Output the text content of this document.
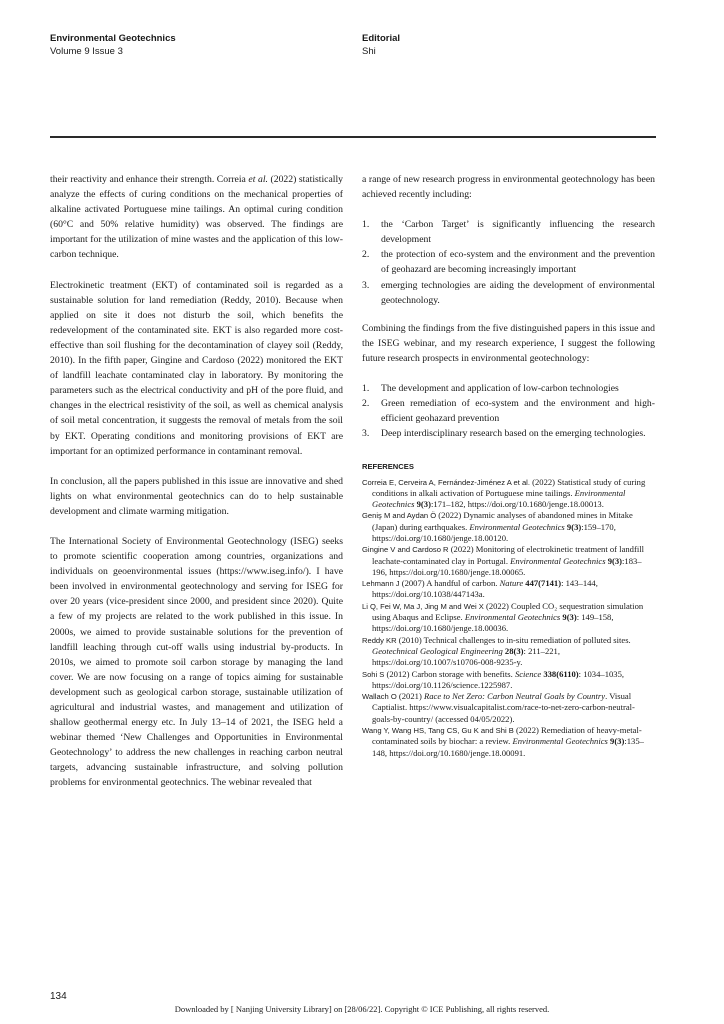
Environmental Geotechnics
Volume 9 Issue 3
Editorial
Shi

their reactivity and enhance their strength. Correia et al. (2022) statistically analyze the effects of curing conditions on the mechanical properties of alkaline activated Portuguese mine tailings. An optimal curing condition (60°C and 50% relative humidity) was observed. The findings are important for the utilization of mine wastes and the application of this low-carbon technique.

Electrokinetic treatment (EKT) of contaminated soil is regarded as a sustainable solution for land remediation (Reddy, 2010). Because when applied on site it does not disturb the soil, which benefits the redevelopment of the contaminated site. EKT is also regarded more cost-effective than soil flushing for the decontamination of clayey soil (Reddy, 2010). In the fifth paper, Gingine and Cardoso (2022) monitored the EKT of landfill leachate contaminated clay in laboratory. By monitoring the parameters such as the electrical conductivity and pH of the pore fluid, and changes in the electrical resistivity of the soil, as well as chemical analysis of soil metal concentration, it suggests the removal of metals from the soil by EKT. Operating conditions and monitoring provisions of EKT are important for an optimized performance in contaminant removal.

In conclusion, all the papers published in this issue are innovative and shed lights on what environmental geotechnics can do to help sustainable development and climate warming mitigation.

The International Society of Environmental Geotechnology (ISEG) seeks to promote scientific cooperation among countries, organizations and individuals on geoenvironmental issues (https://www.iseg.info/). I have been involved in environmental geotechnology and serving for ISEG for over 20 years (vice-president since 2000, and president since 2020). Quite a few of my projects are related to the work published in this issue. In 2000s, we aimed to provide sustainable solutions for the prevention of landfill leaching through cut-off walls using industrial by-products. In 2010s, we aimed to promote soil carbon storage by managing the land cover. We are now focusing on a range of topics aiming for sustainable development such as geological carbon storage, sustainable utilization of agricultural and industrial wastes, and management and utilization of shallow geothermal energy etc. In July 13–14 of 2021, the ISEG held a webinar themed ‘New Challenges and Opportunities in Environmental Geotechnology’ to address the new challenges in reaching carbon neutral targets, advancing sustainable infrastructure, and solving pollution problems for environmental geotechnics. The webinar revealed that

a range of new research progress in environmental geotechnology has been achieved recently including:

1. the ‘Carbon Target’ is significantly influencing the research development
2. the protection of eco-system and the environment and the prevention of geohazard are becoming increasingly important
3. emerging technologies are aiding the development of environmental geotechnology.

Combining the findings from the five distinguished papers in this issue and the ISEG webinar, and my research experience, I suggest the following future research prospects in environmental geotechnology:

1. The development and application of low-carbon technologies
2. Green remediation of eco-system and the environment and high-efficient geohazard prevention
3. Deep interdisciplinary research based on the emerging technologies.
REFERENCES
Correia E, Cerveira A, Fernández-Jiménez A et al. (2022) Statistical study of curing conditions in alkali activation of Portuguese mine tailings. Environmental Geotechnics 9(3):171–182, https://doi.org/10.1680/jenge.18.00013.
Geniş M and Aydan Ö (2022) Dynamic analyses of abandoned mines in Mitake (Japan) during earthquakes. Environmental Geotechnics 9(3):159–170, https://doi.org/10.1680/jenge.18.00120.
Gingine V and Cardoso R (2022) Monitoring of electrokinetic treatment of landfill leachate-contaminated clay in Portugal. Environmental Geotechnics 9(3):183–196, https://doi.org/10.1680/jenge.18.00065.
Lehmann J (2007) A handful of carbon. Nature 447(7141): 143–144, https://doi.org/10.1038/447143a.
Li Q, Fei W, Ma J, Jing M and Wei X (2022) Coupled CO₂ sequestration simulation using Abaqus and Eclipse. Environmental Geotechnics 9(3): 149–158, https://doi.org/10.1680/jenge.18.00036.
Reddy KR (2010) Technical challenges to in-situ remediation of polluted sites. Geotechnical Geological Engineering 28(3): 211–221, https://doi.org/10.1007/s10706-008-9235-y.
Sohi S (2012) Carbon storage with benefits. Science 338(6110): 1034–1035, https://doi.org/10.1126/science.1225987.
Wallach O (2021) Race to Net Zero: Carbon Neutral Goals by Country. Visual Captialist. https://www.visualcapitalist.com/race-to-net-zero-carbon-neutral-goals-by-country/ (accessed 04/05/2022).
Wang Y, Wang HS, Tang CS, Gu K and Shi B (2022) Remediation of heavy-metal-contaminated soils by biochar: a review. Environmental Geotechnics 9(3):135–148, https://doi.org/10.1680/jenge.18.00091.
134
Downloaded by [ Nanjing University Library] on [28/06/22]. Copyright © ICE Publishing, all rights reserved.
